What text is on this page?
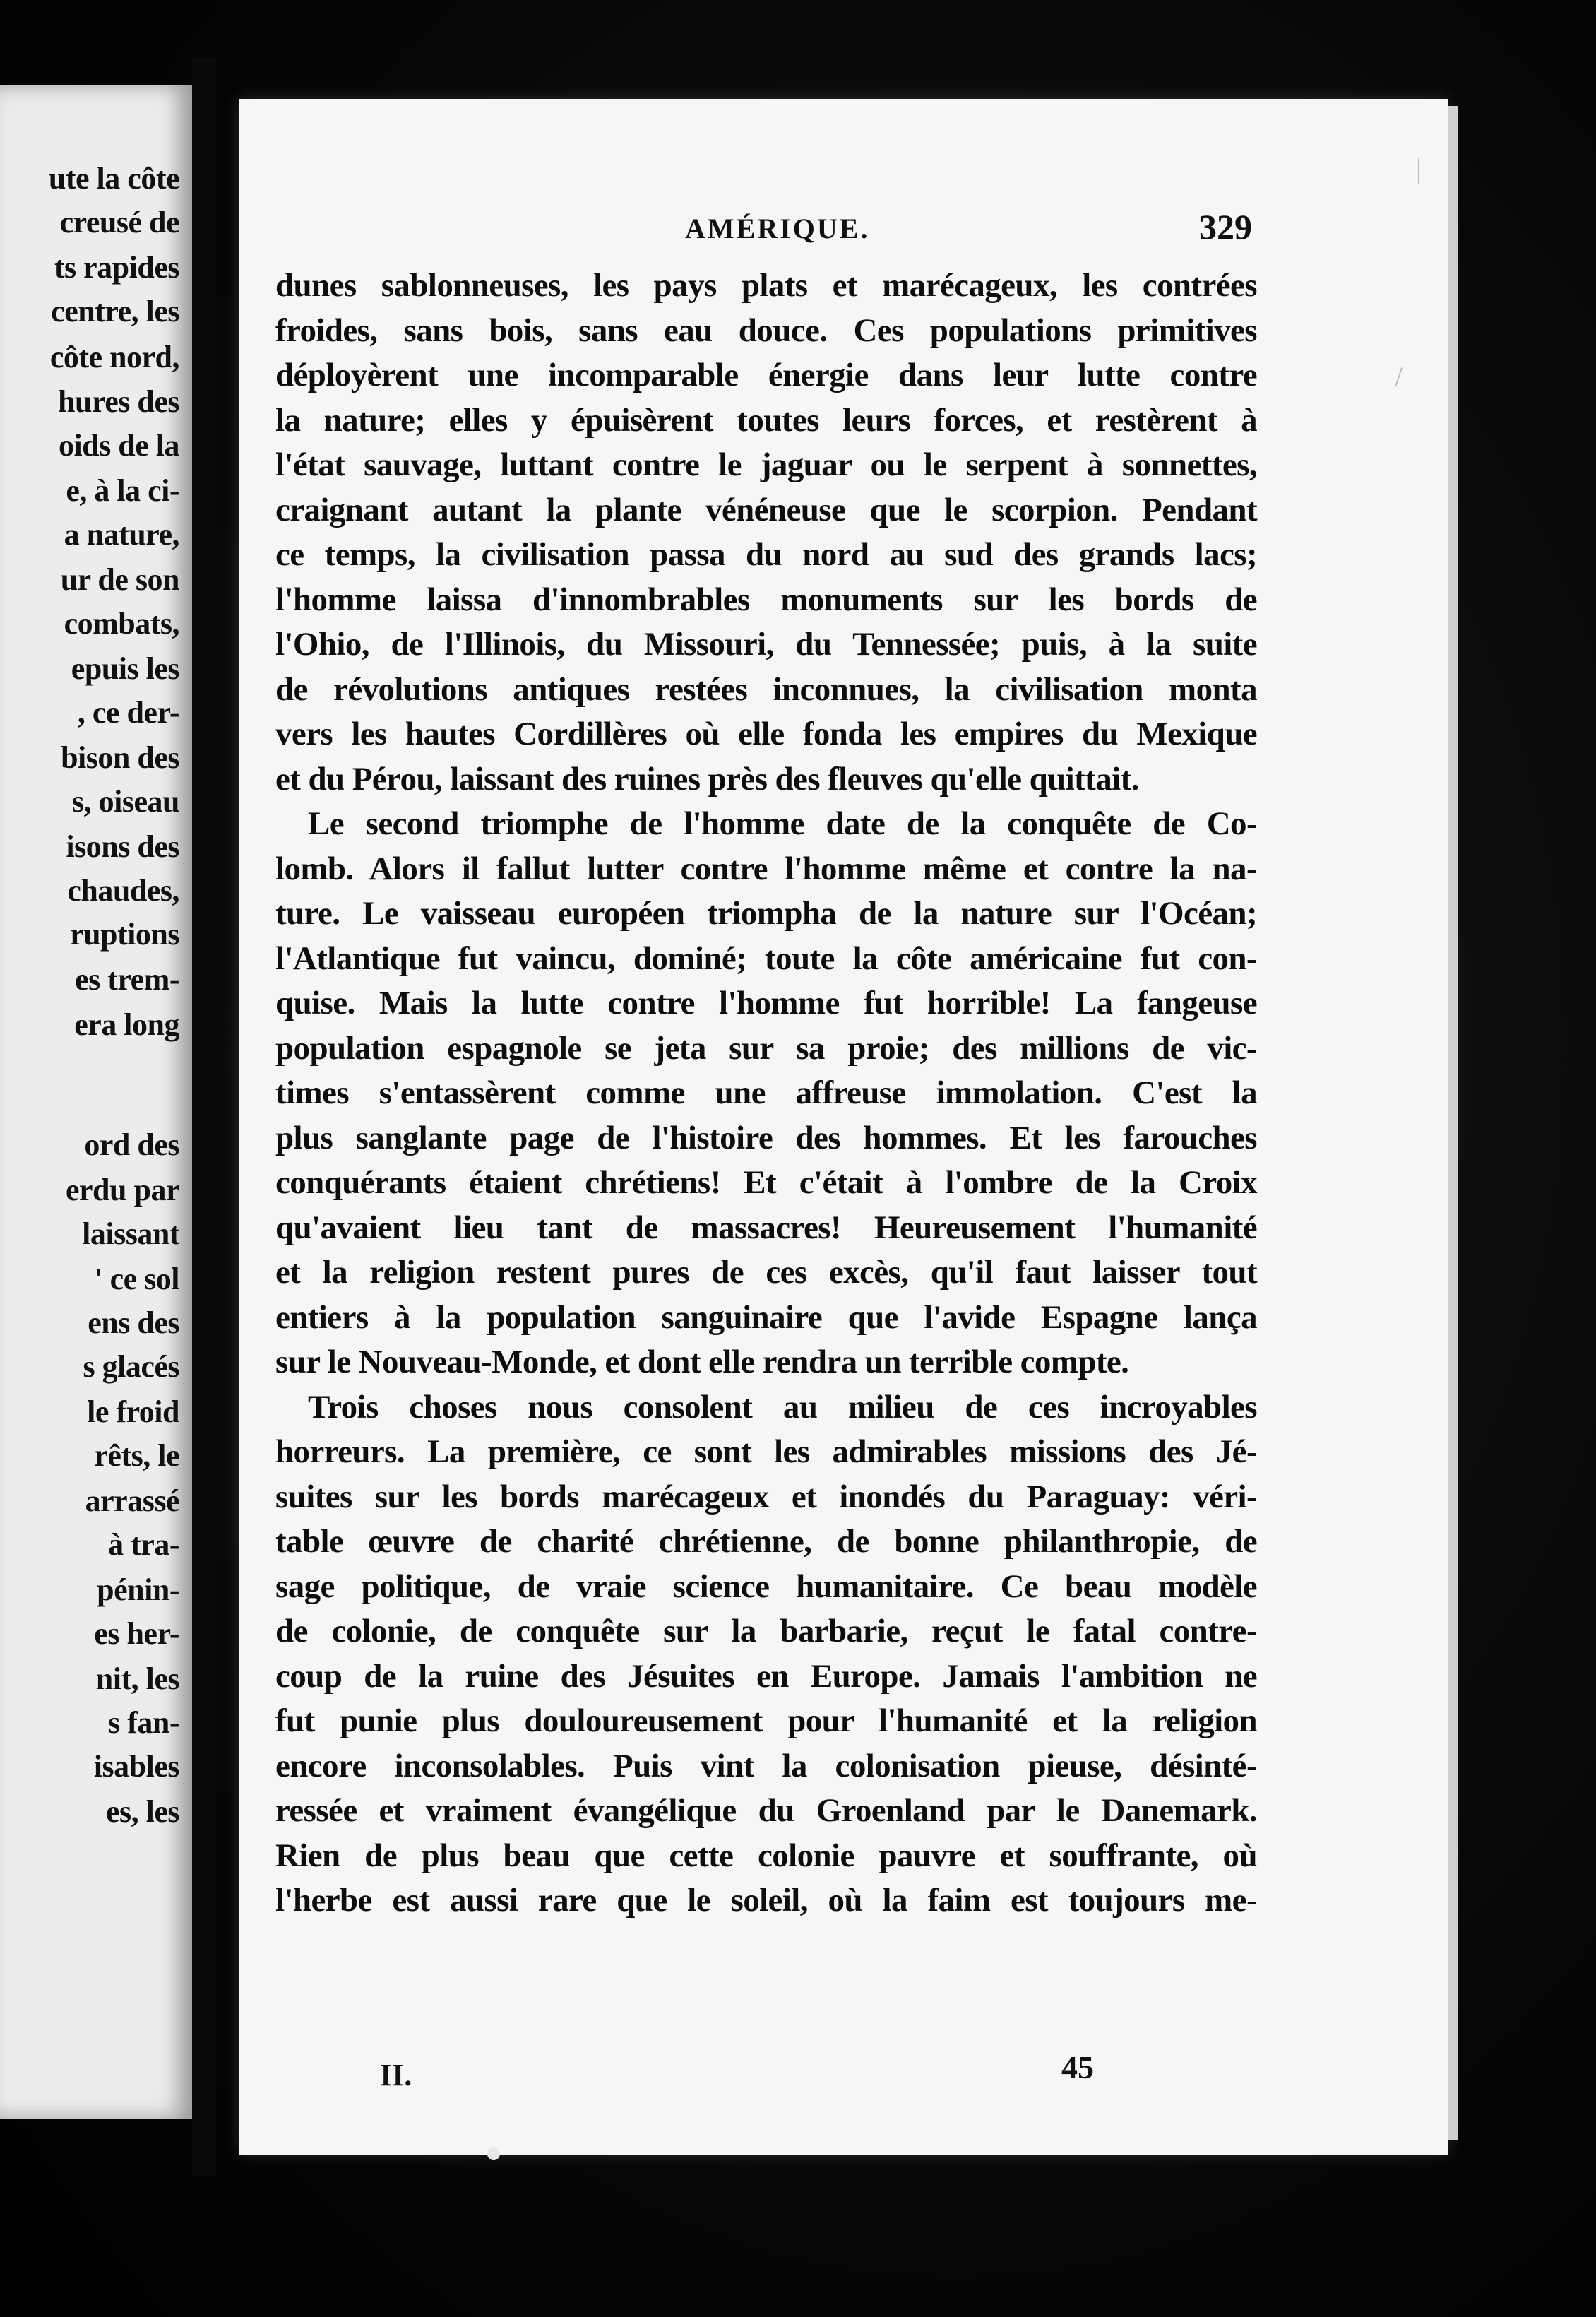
ute la côte
creusé de
ts rapides
centre, les
côte nord,
hures des
oids de la
e, à la ci-
a nature,
ur de son
combats,
epuis les
, ce der-
bison des
s, oiseau
isons des
chaudes,
ruptions
es trem-
era long
ord des
erdu par
laissant
' ce sol
ens des
s glacés
le froid
rêts, le
arrassé
à tra-
pénin-
es her-
nit, les
s fan-
isables
es, les
AMÉRIQUE.	329
II.	45
dunes sablonneuses, les pays plats et marécageux, les contrées
froides, sans bois, sans eau douce. Ces populations primitives
déployèrent une incomparable énergie dans leur lutte contre
la nature; elles y épuisèrent toutes leurs forces, et restèrent à
l'état sauvage, luttant contre le jaguar ou le serpent à sonnettes,
craignant autant la plante vénéneuse que le scorpion. Pendant
ce temps, la civilisation passa du nord au sud des grands lacs;
l'homme laissa d'innombrables monuments sur les bords de
l'Ohio, de l'Illinois, du Missouri, du Tennessée; puis, à la suite
de révolutions antiques restées inconnues, la civilisation monta
vers les hautes Cordillères où elle fonda les empires du Mexique
et du Pérou, laissant des ruines près des fleuves qu'elle quittait.
Le second triomphe de l'homme date de la conquête de Co-
lomb. Alors il fallut lutter contre l'homme même et contre la na-
ture. Le vaisseau européen triompha de la nature sur l'Océan;
l'Atlantique fut vaincu, dominé; toute la côte américaine fut con-
quise. Mais la lutte contre l'homme fut horrible! La fangeuse
population espagnole se jeta sur sa proie; des millions de vic-
times s'entassèrent comme une affreuse immolation. C'est la
plus sanglante page de l'histoire des hommes. Et les farouches
conquérants étaient chrétiens! Et c'était à l'ombre de la Croix
qu'avaient lieu tant de massacres! Heureusement l'humanité
et la religion restent pures de ces excès, qu'il faut laisser tout
entiers à la population sanguinaire que l'avide Espagne lança
sur le Nouveau-Monde, et dont elle rendra un terrible compte.
Trois choses nous consolent au milieu de ces incroyables
horreurs. La première, ce sont les admirables missions des Jé-
suites sur les bords marécageux et inondés du Paraguay: véri-
table œuvre de charité chrétienne, de bonne philanthropie, de
sage politique, de vraie science humanitaire. Ce beau modèle
de colonie, de conquête sur la barbarie, reçut le fatal contre-
coup de la ruine des Jésuites en Europe. Jamais l'ambition ne
fut punie plus douloureusement pour l'humanité et la religion
encore inconsolables. Puis vint la colonisation pieuse, désinté-
ressée et vraiment évangélique du Groenland par le Danemark.
Rien de plus beau que cette colonie pauvre et souffrante, où
l'herbe est aussi rare que le soleil, où la faim est toujours me-
|
/
